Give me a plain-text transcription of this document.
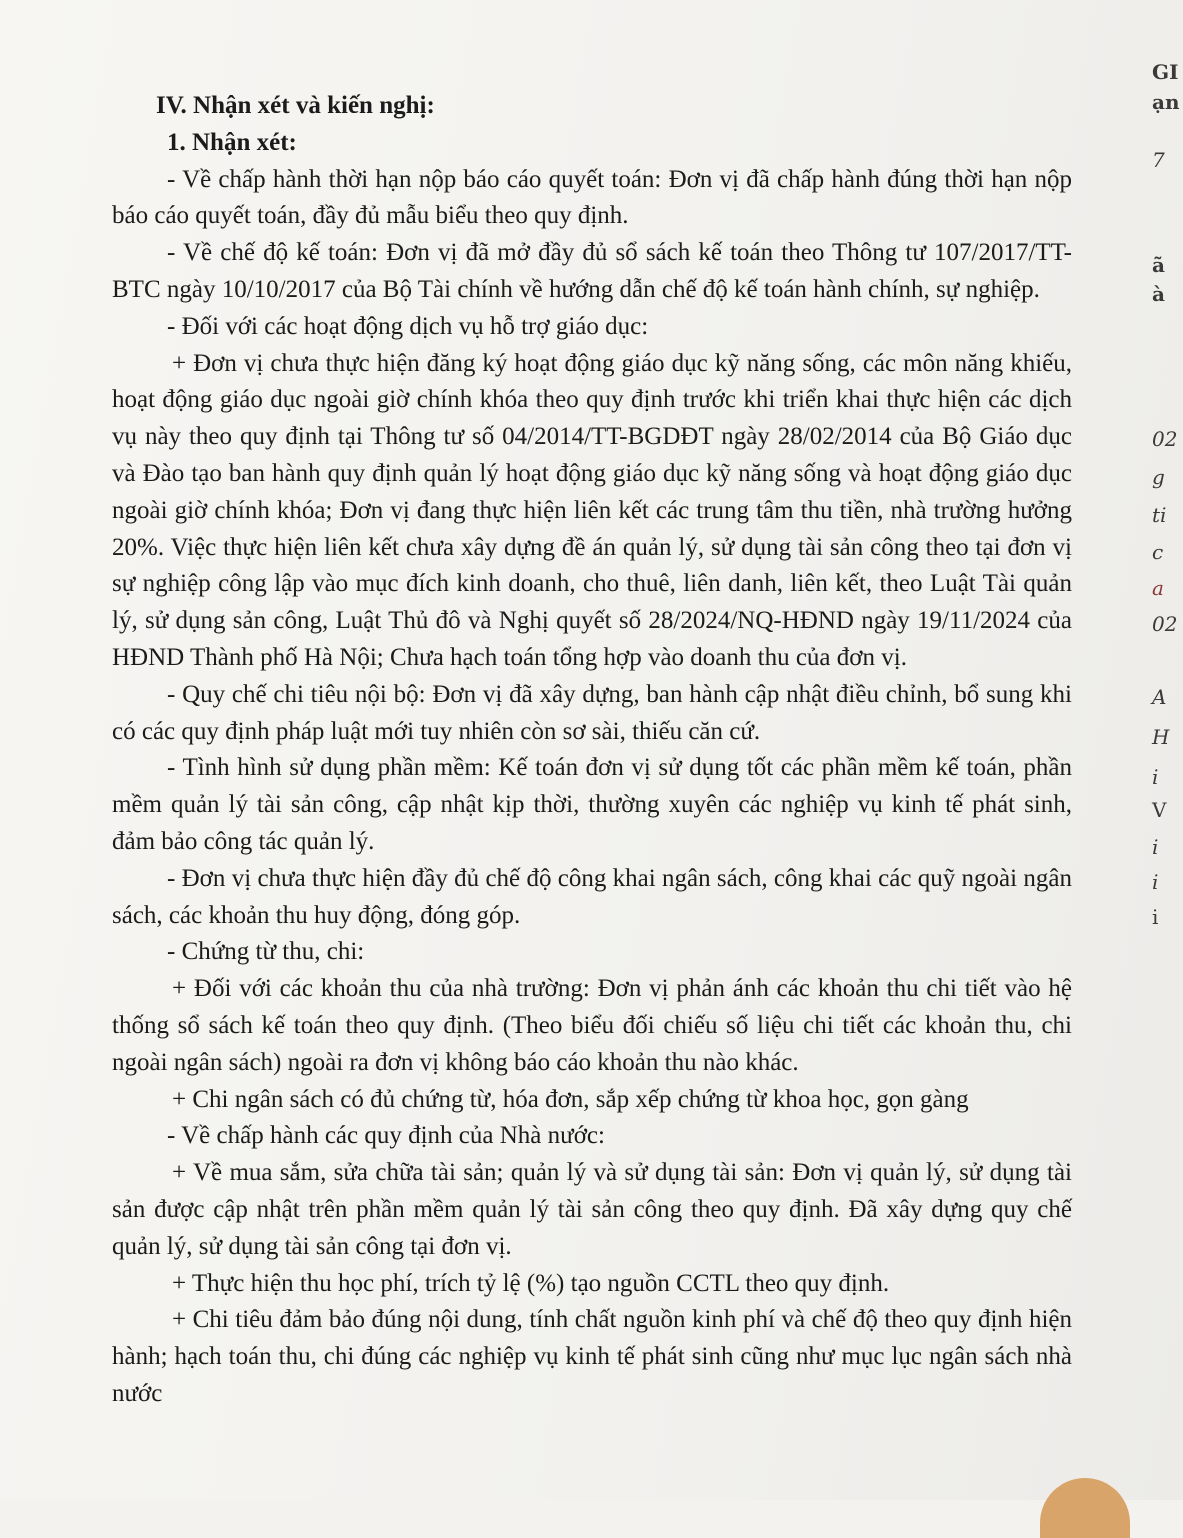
IV. Nhận xét và kiến nghị:

1. Nhận xét:

- Về chấp hành thời hạn nộp báo cáo quyết toán: Đơn vị đã chấp hành đúng thời hạn nộp báo cáo quyết toán, đầy đủ mẫu biểu theo quy định.

- Về chế độ kế toán: Đơn vị đã mở đầy đủ sổ sách kế toán theo Thông tư 107/2017/TT-BTC ngày 10/10/2017 của Bộ Tài chính về hướng dẫn chế độ kế toán hành chính, sự nghiệp.

- Đối với các hoạt động dịch vụ hỗ trợ giáo dục:

+ Đơn vị chưa thực hiện đăng ký hoạt động giáo dục kỹ năng sống, các môn năng khiếu, hoạt động giáo dục ngoài giờ chính khóa theo quy định trước khi triển khai thực hiện các dịch vụ này theo quy định tại Thông tư số 04/2014/TT-BGDĐT ngày 28/02/2014 của Bộ Giáo dục và Đào tạo ban hành quy định quản lý hoạt động giáo dục kỹ năng sống và hoạt động giáo dục ngoài giờ chính khóa; Đơn vị đang thực hiện liên kết các trung tâm thu tiền, nhà trường hưởng 20%. Việc thực hiện liên kết chưa xây dựng đề án quản lý, sử dụng tài sản công theo tại đơn vị sự nghiệp công lập vào mục đích kinh doanh, cho thuê, liên danh, liên kết, theo Luật Tài quản lý, sử dụng sản công, Luật Thủ đô và Nghị quyết số 28/2024/NQ-HĐND ngày 19/11/2024 của HĐND Thành phố Hà Nội; Chưa hạch toán tổng hợp vào doanh thu của đơn vị.

- Quy chế chi tiêu nội bộ: Đơn vị đã xây dựng, ban hành cập nhật điều chỉnh, bổ sung khi có các quy định pháp luật mới tuy nhiên còn sơ sài, thiếu căn cứ.

- Tình hình sử dụng phần mềm: Kế toán đơn vị sử dụng tốt các phần mềm kế toán, phần mềm quản lý tài sản công, cập nhật kịp thời, thường xuyên các nghiệp vụ kinh tế phát sinh, đảm bảo công tác quản lý.

- Đơn vị chưa thực hiện đầy đủ chế độ công khai ngân sách, công khai các quỹ ngoài ngân sách, các khoản thu huy động, đóng góp.

- Chứng từ thu, chi:

+ Đối với các khoản thu của nhà trường: Đơn vị phản ánh các khoản thu chi tiết vào hệ thống sổ sách kế toán theo quy định. (Theo biểu đối chiếu số liệu chi tiết các khoản thu, chi ngoài ngân sách) ngoài ra đơn vị không báo cáo khoản thu nào khác.

+ Chi ngân sách có đủ chứng từ, hóa đơn, sắp xếp chứng từ khoa học, gọn gàng

- Về chấp hành các quy định của Nhà nước:

+ Về mua sắm, sửa chữa tài sản; quản lý và sử dụng tài sản: Đơn vị quản lý, sử dụng tài sản được cập nhật trên phần mềm quản lý tài sản công theo quy định. Đã xây dựng quy chế quản lý, sử dụng tài sản công tại đơn vị.

+ Thực hiện thu học phí, trích tỷ lệ (%) tạo nguồn CCTL theo quy định.

+ Chi tiêu đảm bảo đúng nội dung, tính chất nguồn kinh phí và chế độ theo quy định hiện hành; hạch toán thu, chi đúng các nghiệp vụ kinh tế phát sinh cũng như mục lục ngân sách nhà nước

GI
ạn
7
ã
à
02
g
ti
c
a
02
A
H
i
V
i
i
i
